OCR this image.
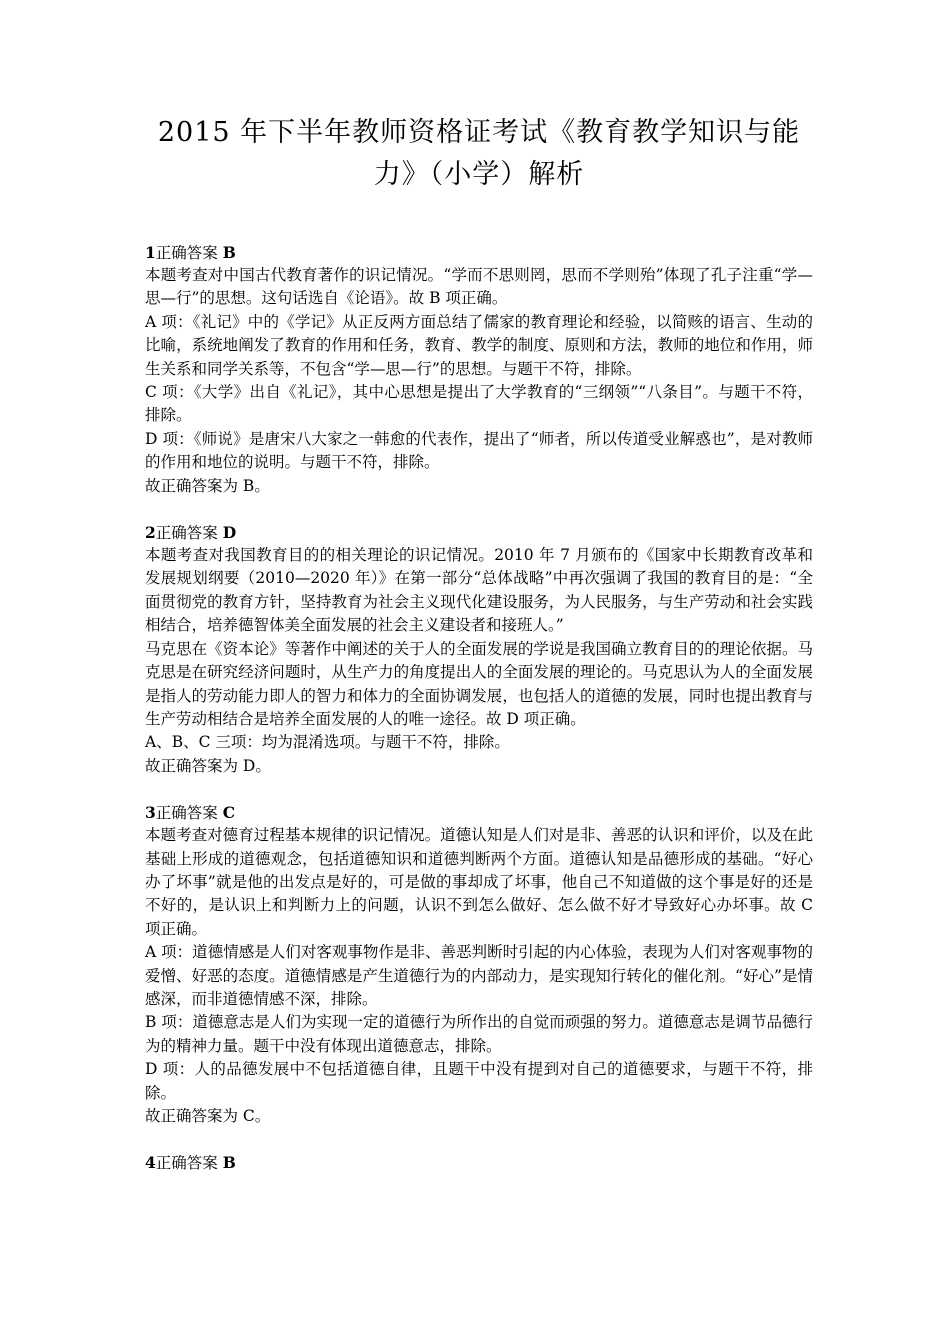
2015 年下半年教师资格证考试《教育教学知识与能力》（小学）解析

1正确答案 B

本题考查对中国古代教育著作的识记情况。“学而不思则罔，思而不学则殆”体现了孔子注重“学—思—行”的思想。这句话选自《论语》。故 B 项正确。

A 项：《礼记》中的《学记》从正反两方面总结了儒家的教育理论和经验，以简赅的语言、生动的比喻，系统地阐发了教育的作用和任务，教育、教学的制度、原则和方法，教师的地位和作用，师生关系和同学关系等，不包含“学—思—行”的思想。与题干不符，排除。

C 项：《大学》出自《礼记》，其中心思想是提出了大学教育的“三纲领”“八条目”。与题干不符，排除。

D 项：《师说》是唐宋八大家之一韩愈的代表作，提出了“师者，所以传道受业解惑也”，是对教师的作用和地位的说明。与题干不符，排除。

故正确答案为 B。

2正确答案 D

本题考查对我国教育目的的相关理论的识记情况。2010 年 7 月颁布的《国家中长期教育改革和发展规划纲要（2010—2020 年）》在第一部分“总体战略”中再次强调了我国的教育目的是：“全面贯彻党的教育方针，坚持教育为社会主义现代化建设服务，为人民服务，与生产劳动和社会实践相结合，培养德智体美全面发展的社会主义建设者和接班人。”

马克思在《资本论》等著作中阐述的关于人的全面发展的学说是我国确立教育目的的理论依据。马克思是在研究经济问题时，从生产力的角度提出人的全面发展的理论的。马克思认为人的全面发展是指人的劳动能力即人的智力和体力的全面协调发展，也包括人的道德的发展，同时也提出教育与生产劳动相结合是培养全面发展的人的唯一途径。故 D 项正确。

A、B、C 三项：均为混淆选项。与题干不符，排除。

故正确答案为 D。

3正确答案 C

本题考查对德育过程基本规律的识记情况。道德认知是人们对是非、善恶的认识和评价，以及在此基础上形成的道德观念，包括道德知识和道德判断两个方面。道德认知是品德形成的基础。“好心办了坏事”就是他的出发点是好的，可是做的事却成了坏事，他自己不知道做的这个事是好的还是不好的，是认识上和判断力上的问题，认识不到怎么做好、怎么做不好才导致好心办坏事。故 C 项正确。

A 项：道德情感是人们对客观事物作是非、善恶判断时引起的内心体验，表现为人们对客观事物的爱憎、好恶的态度。道德情感是产生道德行为的内部动力，是实现知行转化的催化剂。“好心”是情感深，而非道德情感不深，排除。

B 项：道德意志是人们为实现一定的道德行为所作出的自觉而顽强的努力。道德意志是调节品德行为的精神力量。题干中没有体现出道德意志，排除。

D 项：人的品德发展中不包括道德自律，且题干中没有提到对自己的道德要求，与题干不符，排除。

故正确答案为 C。

4正确答案 B
